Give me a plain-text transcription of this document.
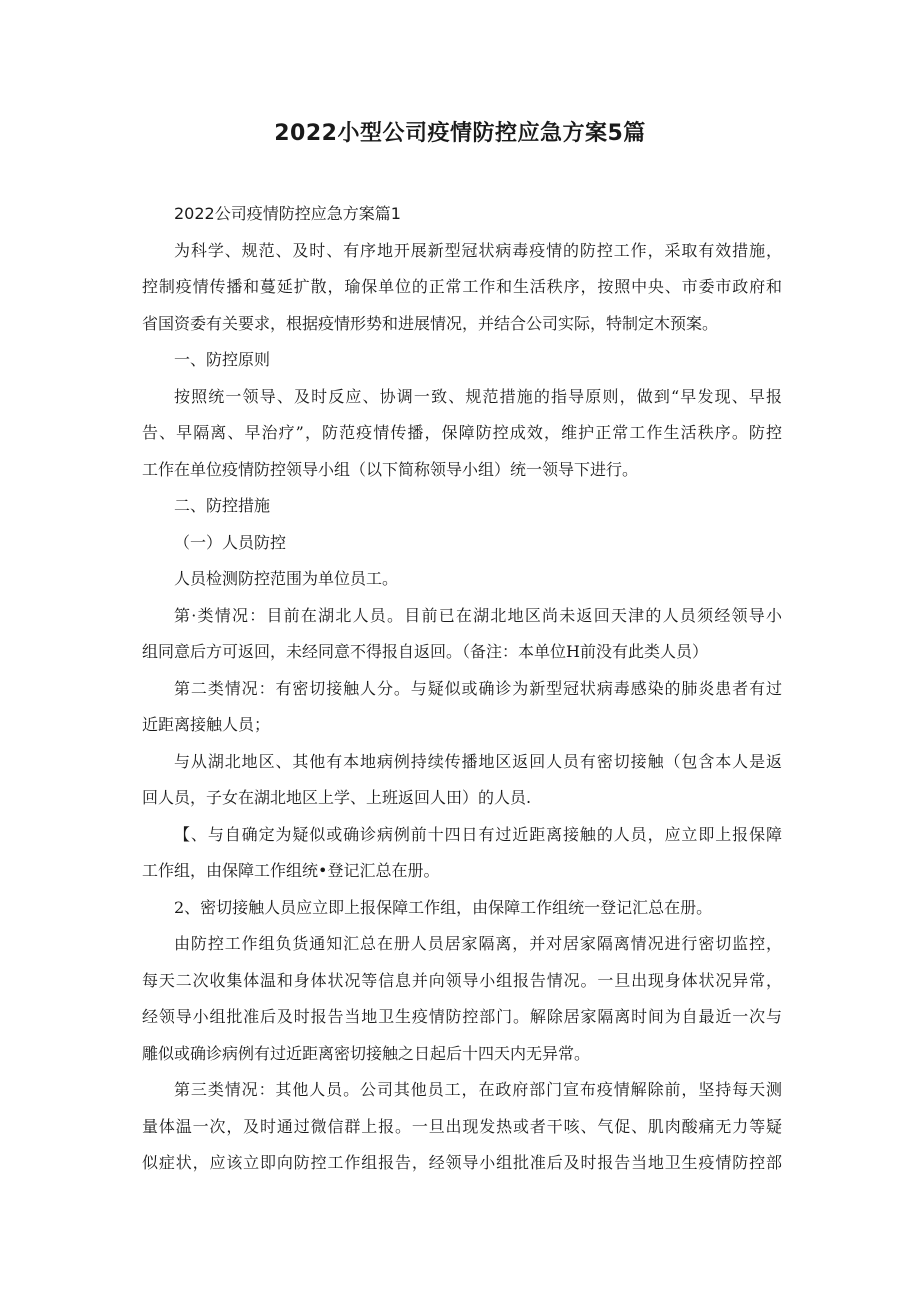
2022小型公司疫情防控应急方案5篇
2022公司疫情防控应急方案篇1
为科学、规范、及时、有序地开展新型冠状病毒疫情的防控工作，采取有效措施，
控制疫情传播和蔓延扩散，瑜保单位的正常工作和生活秩序，按照中央、市委市政府和
省国资委有关要求，根据疫情形势和进展情况，并结合公司实际，特制定木预案。
一、防控原则
按照统一领导、及时反应、协调一致、规范措施的指导原则，做到“早发现、早报
告、早隔离、早治疗”，防范疫情传播，保障防控成效，维护正常工作生活秩序。防控
工作在单位疫情防控领导小组（以下简称领导小组）统一领导下进行。
二、防控措施
（一）人员防控
人员检测防控范围为单位员工。
第·类情况：目前在湖北人员。目前已在湖北地区尚未返回天津的人员须经领导小
组同意后方可返回，未经同意不得报自返回。（备注：本单位H前没有此类人员）
第二类情况：有密切接触人分。与疑似或确诊为新型冠状病毒感染的肺炎患者有过
近距离接触人员；
与从湖北地区、其他有本地病例持续传播地区返回人员有密切接触（包含本人是返
回人员，子女在湖北地区上学、上班返回人田）的人员.
【、与自确定为疑似或确诊病例前十四日有过近距离接触的人员，应立即上报保障
工作组，由保障工作组统•登记汇总在册。
2、密切接触人员应立即上报保障工作组，由保障工作组统一登记汇总在册。
由防控工作组负货通知汇总在册人员居家隔离，并对居家隔离情况进行密切监控，
每天二次收集体温和身体状况等信息并向领导小组报告情况。一旦出现身体状况异常，
经领导小组批准后及时报告当地卫生疫情防控部门。解除居家隔离时间为自最近一次与
雕似或确诊病例有过近距离密切接触之日起后十四天内无异常。
第三类情况：其他人员。公司其他员工，在政府部门宣布疫情解除前，坚持每天测
量体温一次，及时通过微信群上报。一旦出现发热或者干咳、气促、肌肉酸痛无力等疑
似症状，应该立即向防控工作组报告，经领导小组批准后及时报告当地卫生疫情防控部
